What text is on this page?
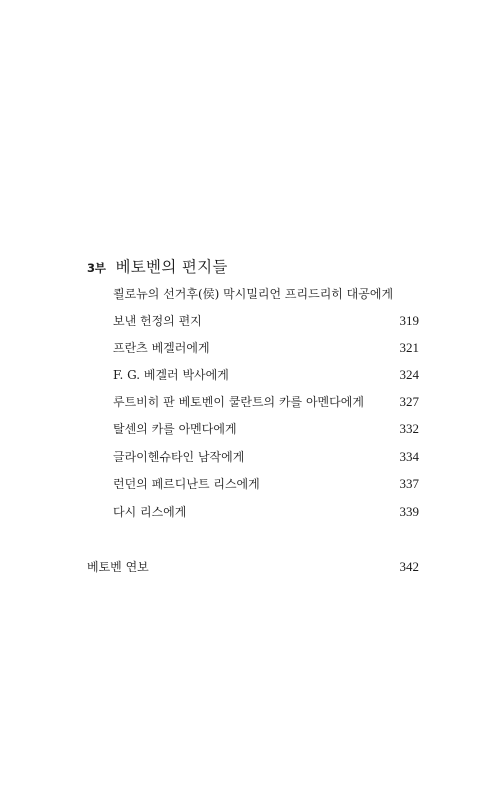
3부 베토벤의 편지들
쾰로뉴의 선거후(侯) 막시밀리언 프리드리히 대공에게
보낸 헌정의 편지	319
프란츠 베겔러에게	321
F. G. 베겔러 박사에게	324
루트비히 판 베토벤이 쿨란트의 카를 아멘다에게	327
탈센의 카를 아멘다에게	332
글라이헨슈타인 남작에게	334
런던의 페르디난트 리스에게	337
다시 리스에게	339
베토벤 연보	342
